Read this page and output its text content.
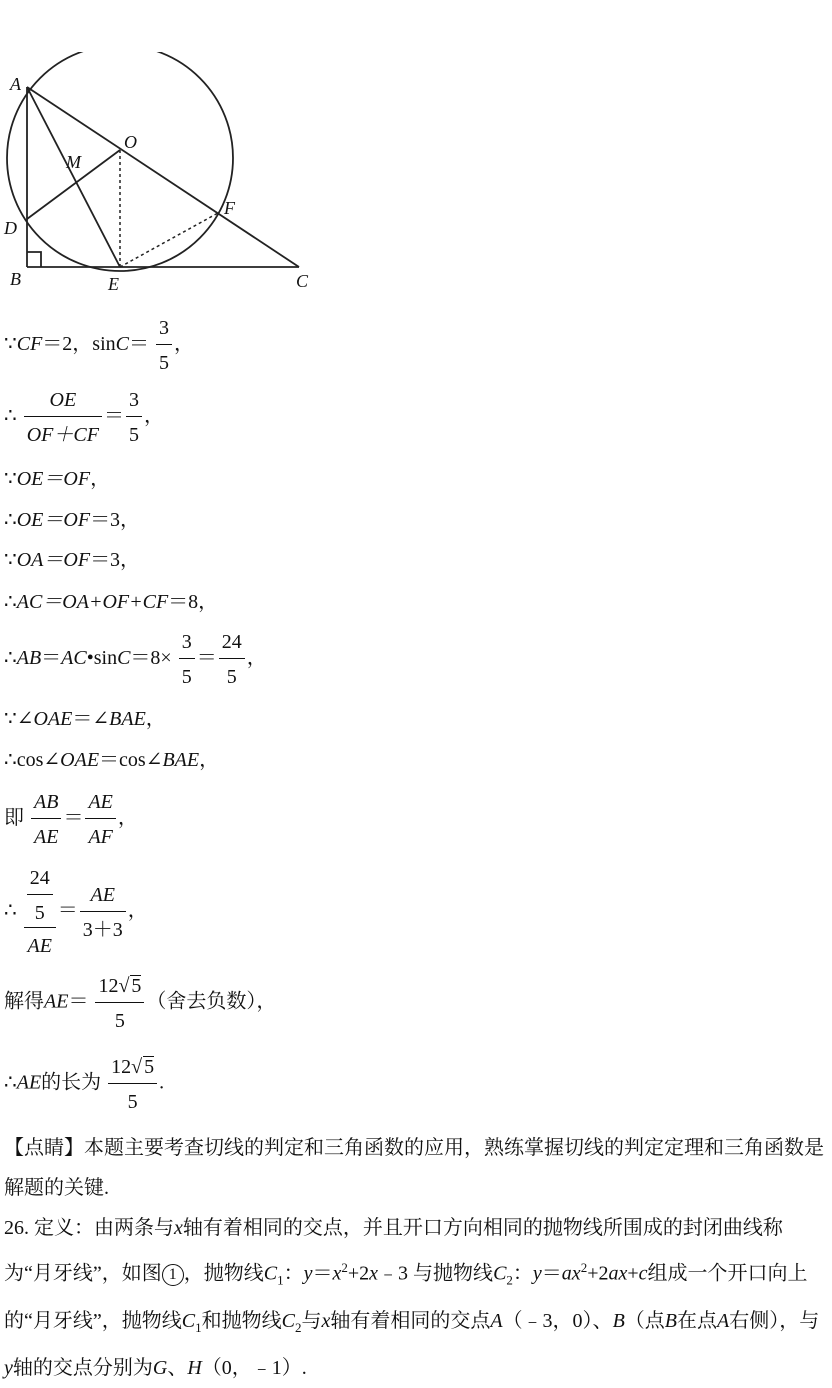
A
O
M
D
F
B	E	C
∵CF＝2，$\sin C= \frac{3}{5}$ ，
∴ $\frac{OE}{OF+CF} = \frac{3}{5}$ ，
∵OE＝OF，
∴OE＝OF＝3，
∵OA＝OF＝3，
∴AC＝OA+OF+CF＝8，
∴AB＝AC•sinC＝8× $\frac{3}{5} = \frac{24}{5}$ ，
∵∠OAE＝∠BAE，
∴cos∠OAE＝cos∠BAE，
即 $\frac{AB}{AE} = \frac{AE}{AF}$ ，
∴ $\frac{\frac{24}{5}}{AE} = \frac{AE}{3+3}$ ，
解得$AE= \frac{12√ 5}{5}$ （舍去负数），
∴AE的长为 $\frac{12√ 5}{5}$ .
【点睛】本题主要考查切线的判定和三角函数的应用，熟练掌握切线的判定定理和三角函数是解题的关键.
26. 定义：由两条与x轴有着相同的交点，并且开口方向相同的抛物线所围成的封闭曲线称为“月牙线”，如图 1 ，抛物线$C_1$：$y=x^2+2x﹣3$ 与抛物线$C_2$：$y=ax^2+2ax+c$组成一个开口向上的“月牙线”，抛物线$C_1$和抛物线$C_2$与x轴有着相同的交点A（﹣3，0）、B（点B在点A右侧），与y轴的交点分别为G、H（0，﹣1）.
